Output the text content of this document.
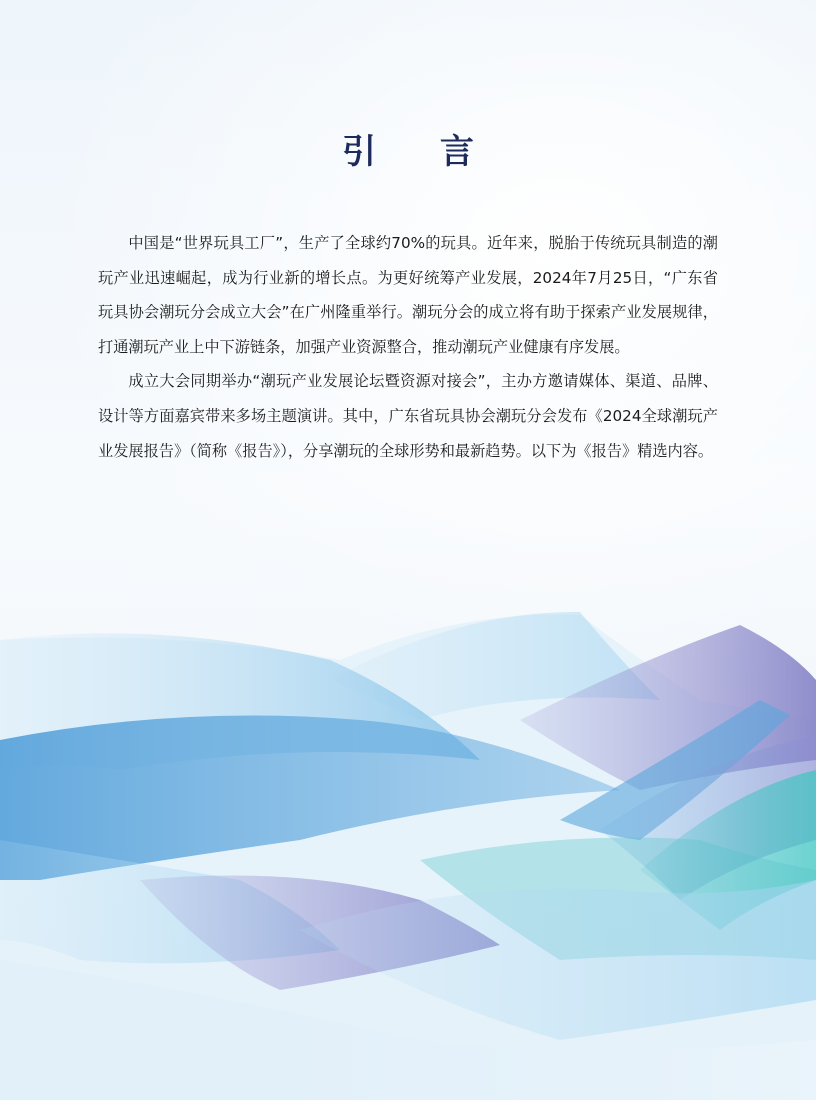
引 言

中国是“世界玩具工厂”，生产了全球约70%的玩具。近年来，脱胎于传统玩具制造的潮玩产业迅速崛起，成为行业新的增长点。为更好统筹产业发展，2024年7月25日，“广东省玩具协会潮玩分会成立大会”在广州隆重举行。潮玩分会的成立将有助于探索产业发展规律，打通潮玩产业上中下游链条，加强产业资源整合，推动潮玩产业健康有序发展。

成立大会同期举办“潮玩产业发展论坛暨资源对接会”，主办方邀请媒体、渠道、品牌、设计等方面嘉宾带来多场主题演讲。其中，广东省玩具协会潮玩分会发布《2024全球潮玩产业发展报告》（简称《报告》），分享潮玩的全球形势和最新趋势。以下为《报告》精选内容。
